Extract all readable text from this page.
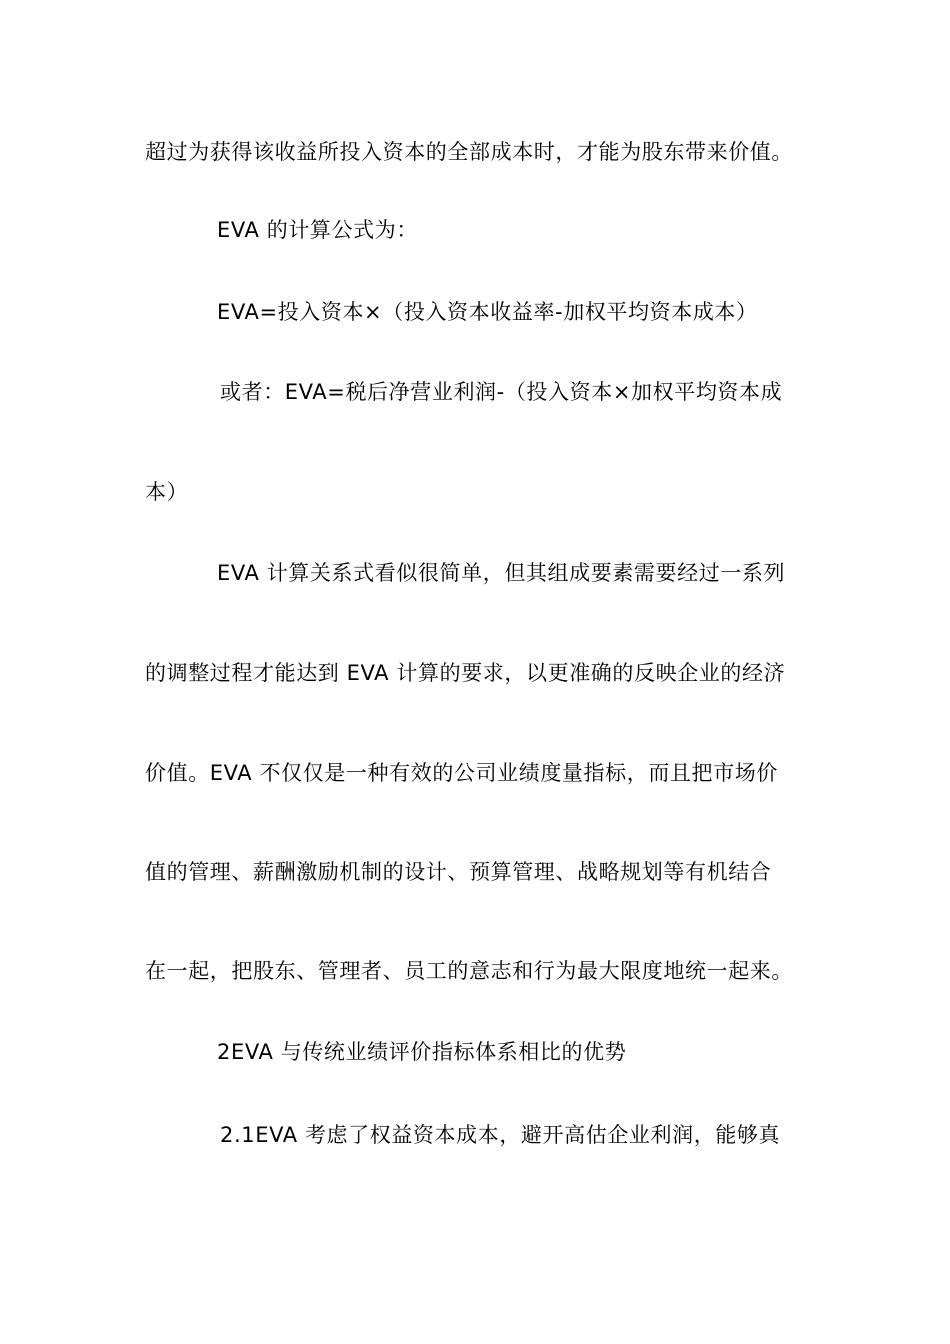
超过为获得该收益所投入资本的全部成本时，才能为股东带来价值。
EVA 的计算公式为：
EVA=投入资本×（投入资本收益率-加权平均资本成本）
或者：EVA=税后净营业利润-（投入资本×加权平均资本成
本）
EVA 计算关系式看似很简单，但其组成要素需要经过一系列
的调整过程才能达到 EVA 计算的要求，以更准确的反映企业的经济
价值。EVA 不仅仅是一种有效的公司业绩度量指标，而且把市场价
值的管理、薪酬激励机制的设计、预算管理、战略规划等有机结合
在一起，把股东、管理者、员工的意志和行为最大限度地统一起来。
2EVA 与传统业绩评价指标体系相比的优势
2.1EVA 考虑了权益资本成本，避开高估企业利润，能够真
